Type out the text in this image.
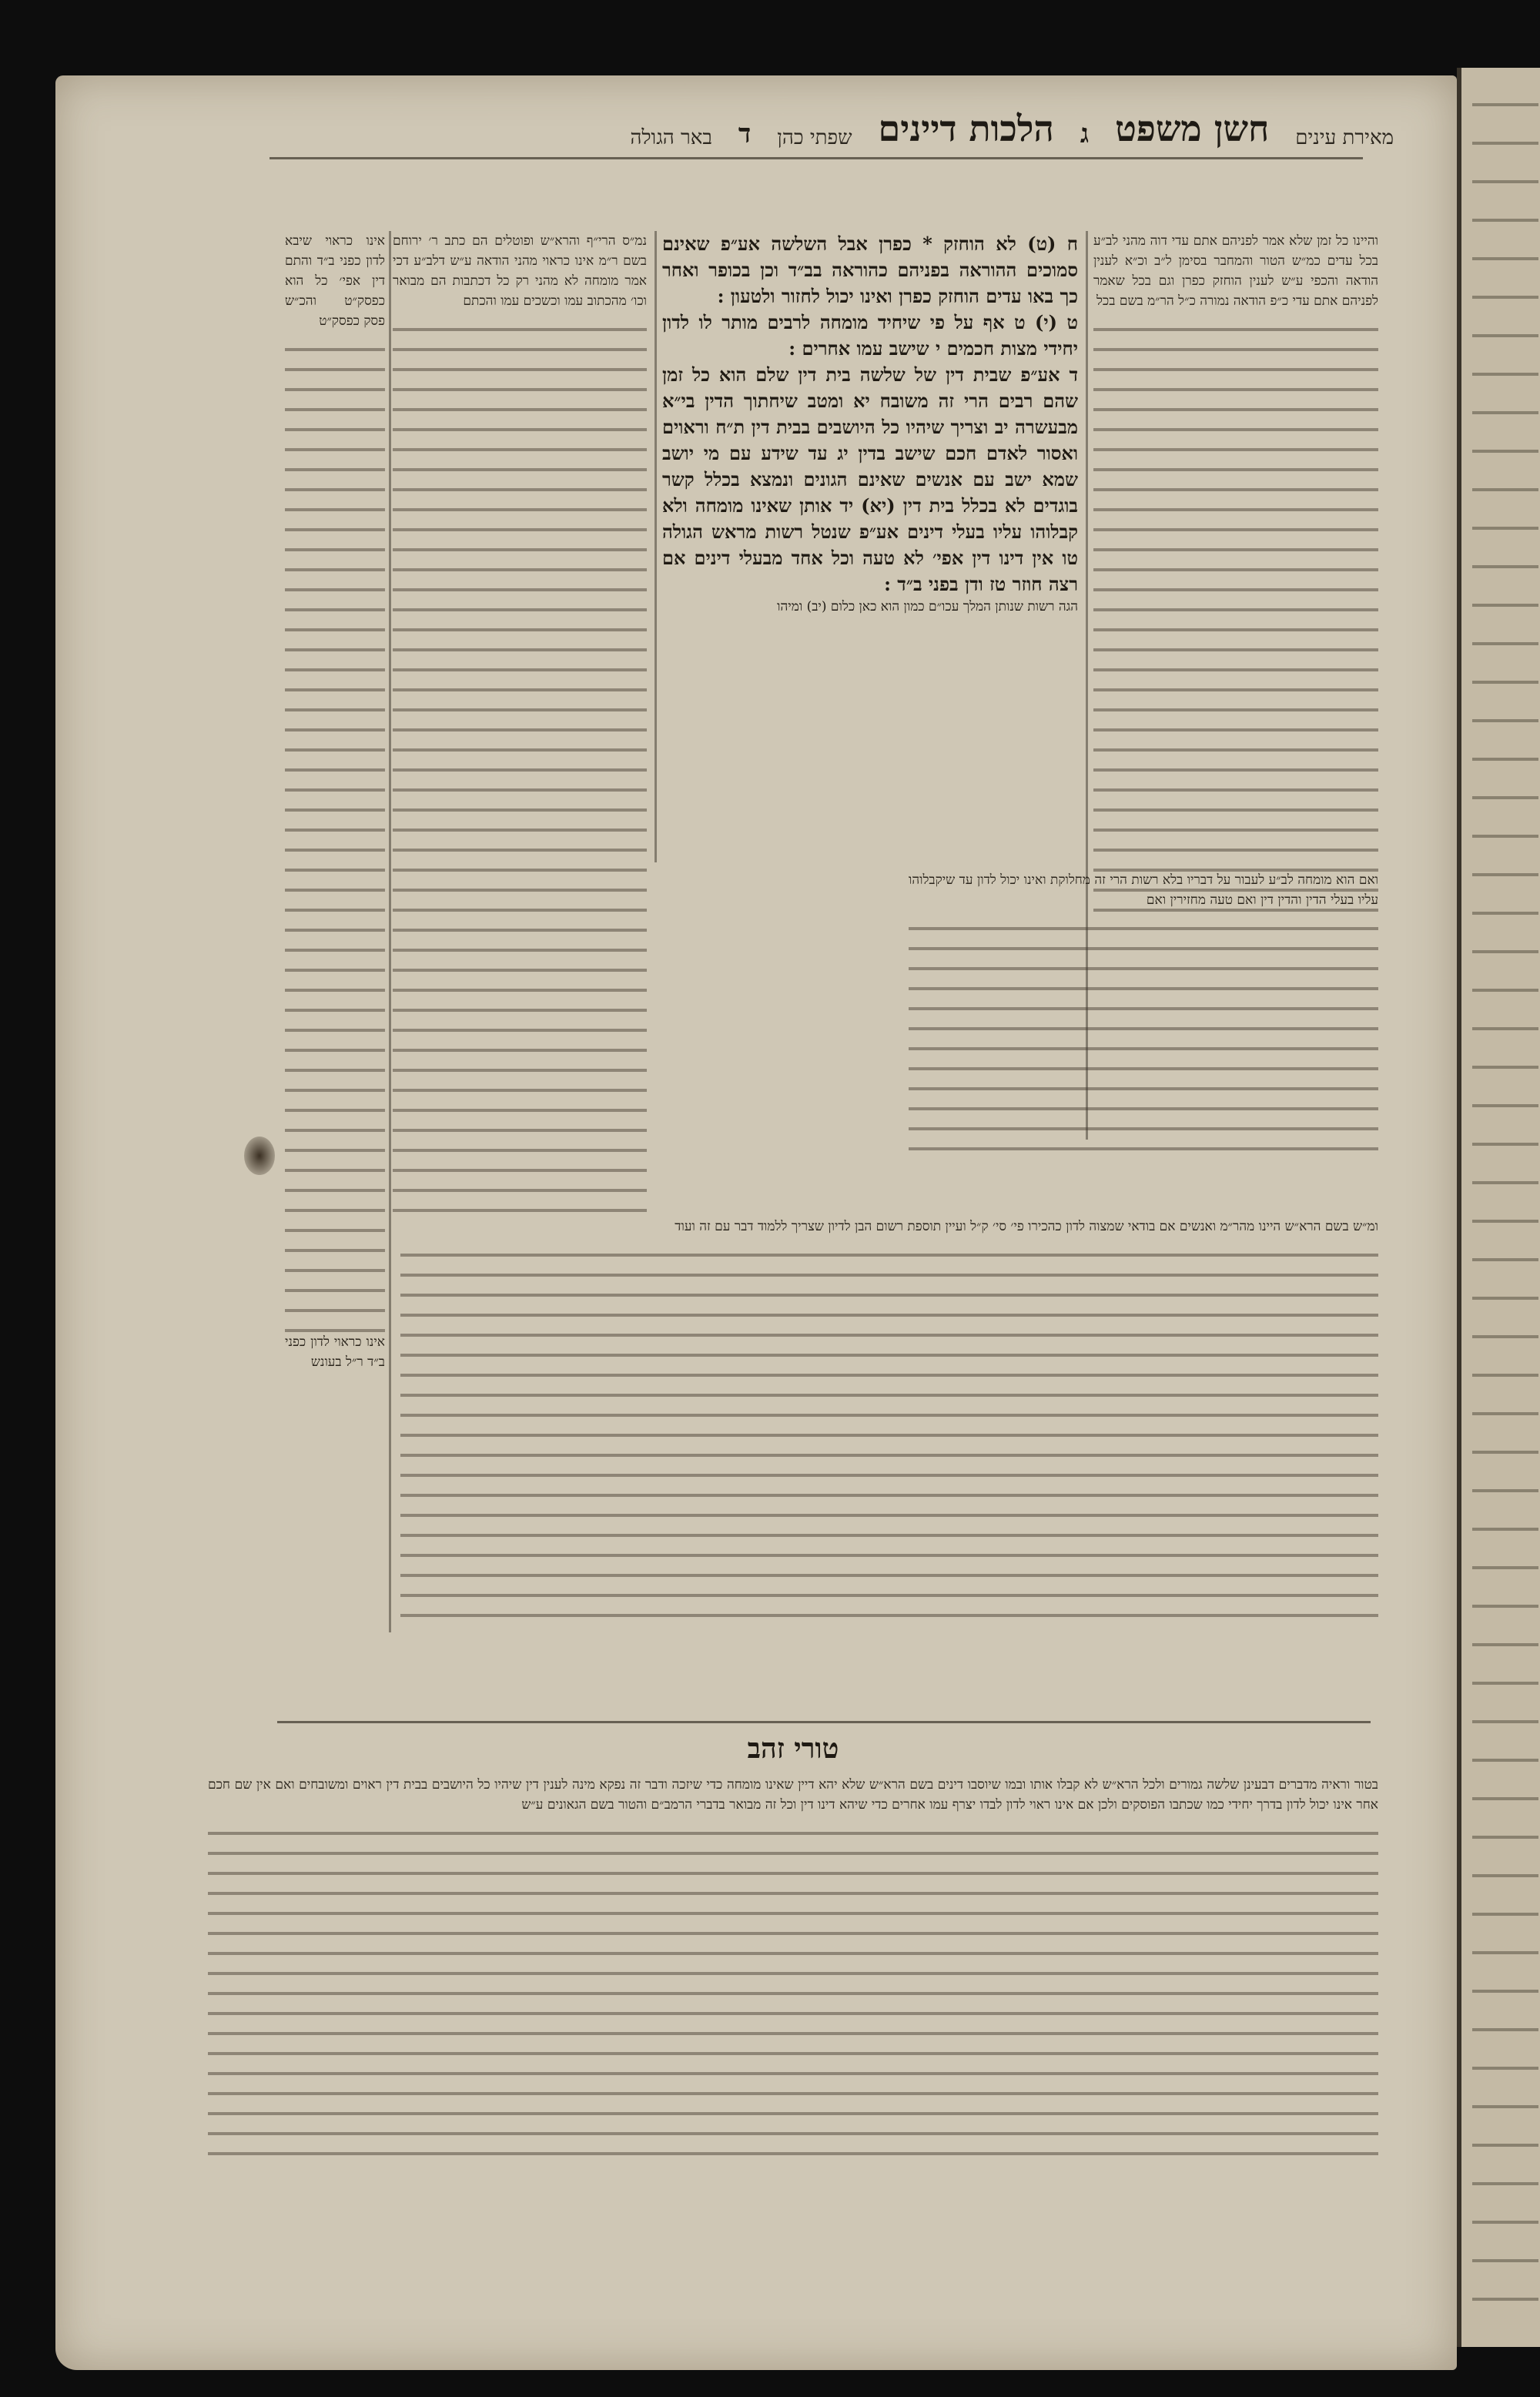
מאירת עינים
חשן משפט
ג
הלכות דיינים
שפתי כהן
ד
באר הגולה

והיינו כל זמן שלא אמר לפניהם אתם עדי דוה מהני לב״ע בכל עדים כמ״ש הטור והמחבר בסימן ל״ב וכ״א לענין הודאה והכפי ע״ש לענין הוחזק כפרן וגם בכל שאמר לפניהם אתם עדי כ״פ הודאה נמורה כ״ל הר״מ בשם בכל

ח (ט) לא הוחזק * כפרן אבל השלשה אע״פ שאינם סמוכים ההוראה בפניהם כהוראה בב״ד וכן בכופר ואחר כך באו עדים הוחזק כפרן ואינו יכול לחזור ולטעון :

ט (י) ט אף על פי שיחיד מומחה לרבים מותר לו לדון יחידי מצות חכמים י שישב עמו אחרים :

ד אע״פ שבית דין של שלשה בית דין שלם הוא כל זמן שהם רבים הרי זה משובח יא ומטב שיחתוך הדין בי״א מבעשרה יב וצריך שיהיו כל היושבים בבית דין ת״ח וראוים ואסור לאדם חכם שישב בדין יג עד שידע עם מי יושב שמא ישב עם אנשים שאינם הגונים ונמצא בכלל קשר בוגדים לא בכלל בית דין (יא) יד אותן שאינו מומחה ולא קבלוהו עליו בעלי דינים אע״פ שנטל רשות מראש הגולה טו אין דינו דין אפי׳ לא טעה וכל אחד מבעלי דינים אם רצה חוזר טז ודן בפני ב״ד :

הגה רשות שנותן המלך עכו״ם כמון הוא כאן כלום (יב) ומיהו

נמ״ס הרי״ף והרא״ש ופוטלים הם כתב ר׳ ירוחם בשם ר״מ אינו כראוי מהני הודאה ע״ש דלב״ע דכי אמר מומחה לא מהני רק כל דכתבות הם מבואר וכו׳ מהכתוב עמו וכשכים עמו והכתם

אינו כראוי שיבא לדון כפני ב״ד והתם דין אפי׳ כל הוא כפסק״ט והכ״ש פסק כפסק״ט

אינו כראוי לדון כפני ב״ד ר״ל בעונש

ואם הוא מומחה לב״ע לעבור על דבריו בלא רשות הרי זה מחלוקת ואינו יכול לדון עד שיקבלוהו עליו בעלי הדין והדין דין ואם טעה מחזירין ואם

ומ״ש בשם הרא״ש היינו מהר״מ ואנשים אם בודאי שמצוה לדון כהכירו פי׳ סי׳ ק״ל ועיין תוספת רשום הבן לדיון שצריך ללמוד דבר עם זה ועוד

טורי זהב

בטור וראיה מדברים דבעינן שלשה גמורים ולכל הרא״ש לא קבלו אותו ובמו שיוסבו דינים בשם הרא״ש שלא יהא דיין שאינו מומחה כדי שיזכה ודבר זה נפקא מינה לענין דין שיהיו כל היושבים בבית דין ראוים ומשובחים ואם אין שם חכם אחר אינו יכול לדון בדרך יחידי כמו שכתבו הפוסקים ולכן אם אינו ראוי לדון לבדו יצרף עמו אחרים כדי שיהא דינו דין וכל זה מבואר בדברי הרמב״ם והטור בשם הגאונים ע״ש
